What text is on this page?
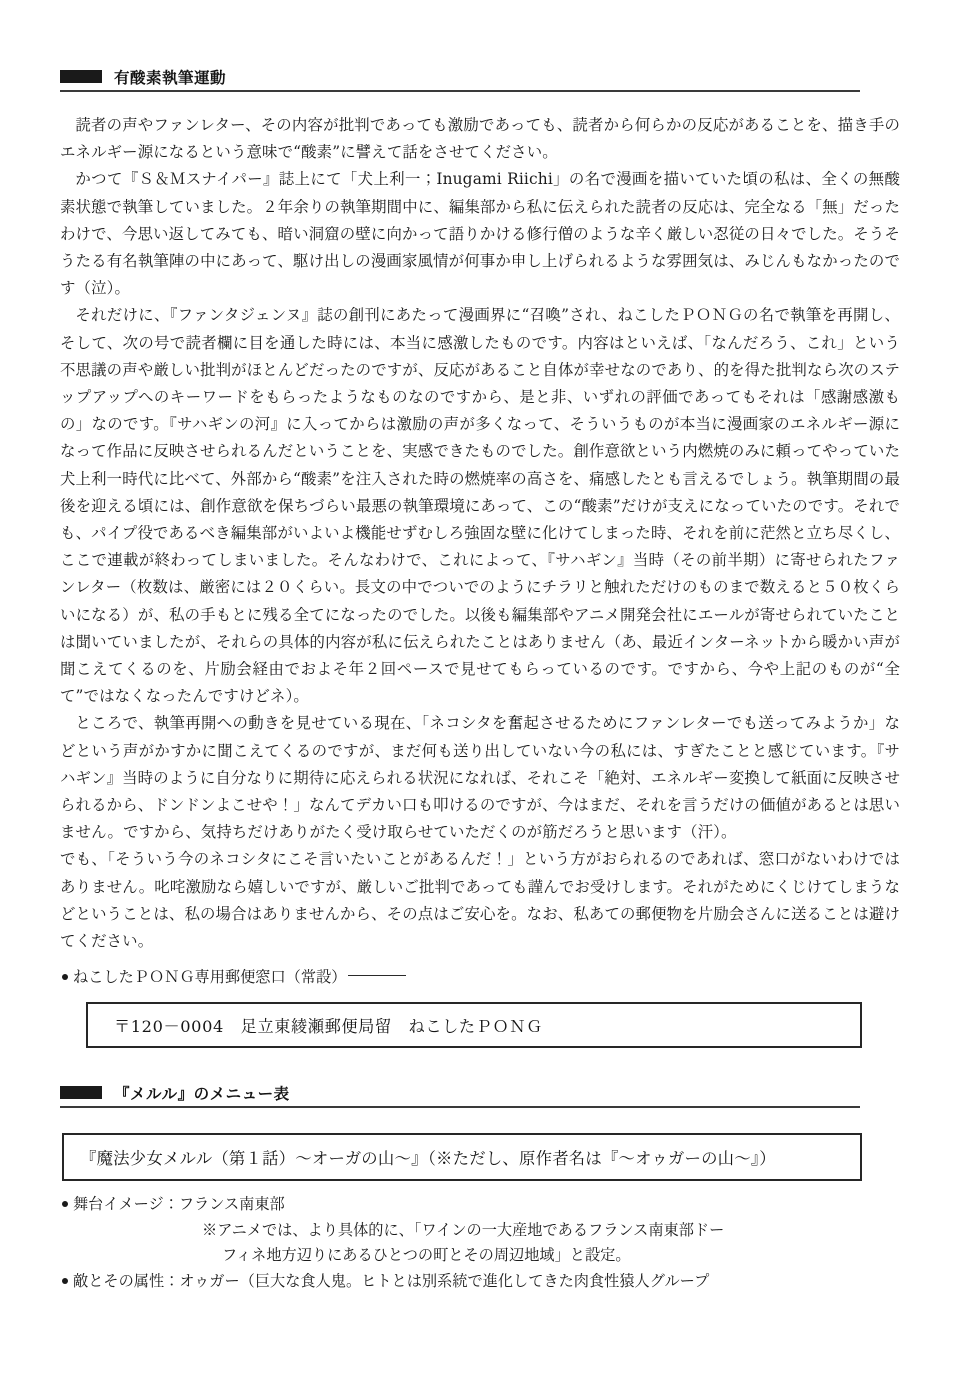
有酸素執筆運動

読者の声やファンレター、その内容が批判であっても激励であっても、読者から何らかの反応があることを、描き手のエネルギー源になるという意味で“酸素”に譬えて話をさせてください。

かつて『Ｓ＆Ｍスナイパー』誌上にて「犬上利一；Inugami Riichi」の名で漫画を描いていた頃の私は、全くの無酸素状態で執筆していました。２年余りの執筆期間中に、編集部から私に伝えられた読者の反応は、完全なる「無」だったわけで、今思い返してみても、暗い洞窟の壁に向かって語りかける修行僧のような辛く厳しい忍従の日々でした。そうそうたる有名執筆陣の中にあって、駆け出しの漫画家風情が何事か申し上げられるような雰囲気は、みじんもなかったのです（泣）。

それだけに、『ファンタジェンヌ』誌の創刊にあたって漫画界に“召喚”され、ねこしたＰＯＮＧの名で執筆を再開し、そして、次の号で読者欄に目を通した時には、本当に感激したものです。内容はといえば、「なんだろう、これ」という不思議の声や厳しい批判がほとんどだったのですが、反応があること自体が幸せなのであり、的を得た批判なら次のステップアップへのキーワードをもらったようなものなのですから、是と非、いずれの評価であってもそれは「感謝感激もの」なのです。『サハギンの河』に入ってからは激励の声が多くなって、そういうものが本当に漫画家のエネルギー源になって作品に反映させられるんだということを、実感できたものでした。創作意欲という内燃焼のみに頼ってやっていた犬上利一時代に比べて、外部から“酸素”を注入された時の燃焼率の高さを、痛感したとも言えるでしょう。執筆期間の最後を迎える頃には、創作意欲を保ちづらい最悪の執筆環境にあって、この“酸素”だけが支えになっていたのです。それでも、パイプ役であるべき編集部がいよいよ機能せずむしろ強固な壁に化けてしまった時、それを前に茫然と立ち尽くし、ここで連載が終わってしまいました。そんなわけで、これによって、『サハギン』当時（その前半期）に寄せられたファンレター（枚数は、厳密には２０くらい。長文の中でついでのようにチラリと触れただけのものまで数えると５０枚くらいになる）が、私の手もとに残る全てになったのでした。以後も編集部やアニメ開発会社にエールが寄せられていたことは聞いていましたが、それらの具体的内容が私に伝えられたことはありません（あ、最近インターネットから暖かい声が聞こえてくるのを、片励会経由でおよそ年２回ペースで見せてもらっているのです。ですから、今や上記のものが“全て”ではなくなったんですけどネ）。

ところで、執筆再開への動きを見せている現在、「ネコシタを奮起させるためにファンレターでも送ってみようか」などという声がかすかに聞こえてくるのですが、まだ何も送り出していない今の私には、すぎたことと感じています。『サハギン』当時のように自分なりに期待に応えられる状況になれば、それこそ「絶対、エネルギー変換して紙面に反映させられるから、ドンドンよこせや！」なんてデカい口も叩けるのですが、今はまだ、それを言うだけの価値があるとは思いません。ですから、気持ちだけありがたく受け取らせていただくのが筋だろうと思います（汗）。

でも、「そういう今のネコシタにこそ言いたいことがあるんだ！」という方がおられるのであれば、窓口がないわけではありません。叱咤激励なら嬉しいですが、厳しいご批判であっても謹んでお受けします。それがためにくじけてしまうなどということは、私の場合はありませんから、その点はご安心を。なお、私あての郵便物を片励会さんに送ることは避けてください。

ねこしたＰＯＮＧ専用郵便窓口（常設）
〒120－0004　足立東綾瀬郵便局留　ねこしたＰＯＮＧ
『メルル』のメニュー表
『魔法少女メルル（第１話）～オーガの山～』（※ただし、原作者名は『～オゥガーの山～』）
舞台イメージ：フランス南東部
※アニメでは、より具体的に、「ワインの一大産地であるフランス南東部ドー
フィネ地方辺りにあるひとつの町とその周辺地域」と設定。
敵とその属性：オゥガー（巨大な食人鬼。ヒトとは別系統で進化してきた肉食性猿人グループ
